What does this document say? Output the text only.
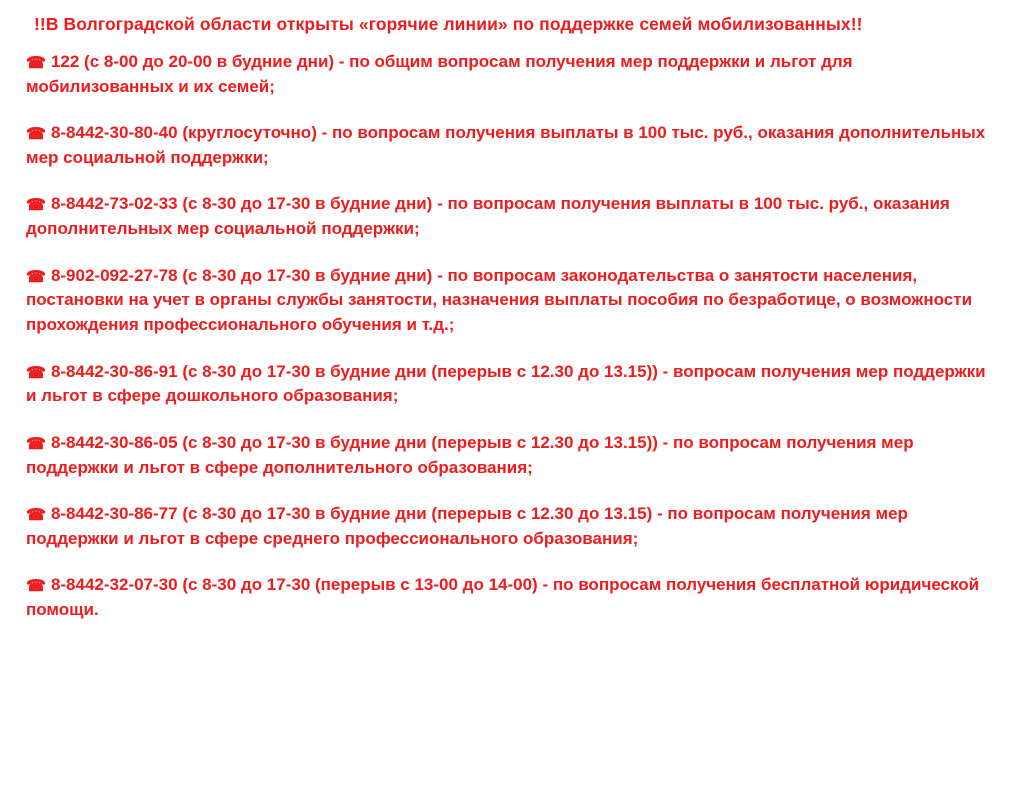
!!В Волгоградской области открыты «горячие линии» по поддержке семей мобилизованных!!

☎ 122 (с 8-00 до 20-00 в будние дни) - по общим вопросам получения мер поддержки и льгот для мобилизованных и их семей;

☎ 8-8442-30-80-40 (круглосуточно) - по вопросам получения выплаты в 100 тыс. руб., оказания дополнительных мер социальной поддержки;

☎ 8-8442-73-02-33 (с 8-30 до 17-30 в будние дни) - по вопросам получения выплаты в 100 тыс. руб., оказания дополнительных мер социальной поддержки;

☎ 8-902-092-27-78 (с 8-30 до 17-30 в будние дни) - по вопросам законодательства о занятости населения, постановки на учет в органы службы занятости, назначения выплаты пособия по безработице, о возможности прохождения профессионального обучения и т.д.;

☎ 8-8442-30-86-91 (с 8-30 до 17-30 в будние дни (перерыв с 12.30 до 13.15)) - вопросам получения мер поддержки и льгот в сфере дошкольного образования;

☎ 8-8442-30-86-05 (с 8-30 до 17-30 в будние дни (перерыв с 12.30 до 13.15)) - по вопросам получения мер поддержки и льгот в сфере дополнительного образования;

☎ 8-8442-30-86-77 (с 8-30 до 17-30 в будние дни (перерыв с 12.30 до 13.15) - по вопросам получения мер поддержки и льгот в сфере среднего профессионального образования;

☎ 8-8442-32-07-30 (с 8-30 до 17-30 (перерыв с 13-00 до 14-00) - по вопросам получения бесплатной юридической помощи.
